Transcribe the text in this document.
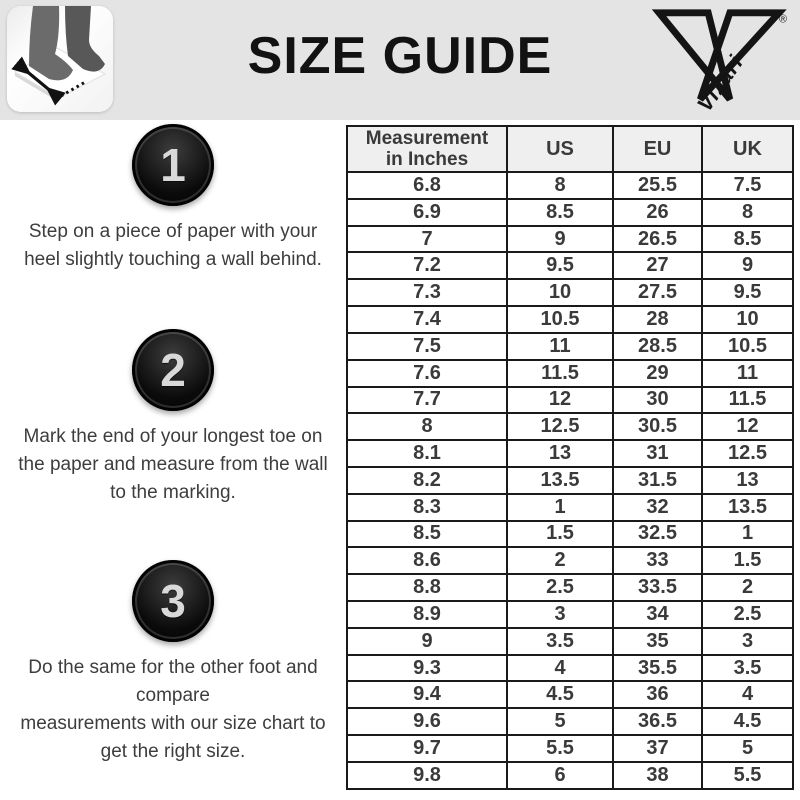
SIZE GUIDE	Vizari
®
1
Step on a piece of paper with your
heel slightly touching a wall behind.
2
Mark the end of your longest toe on
the paper and measure from the wall
to the marking.
3
Do the same for the other foot and
compare
measurements with our size chart to
get the right size.
Measurement
in Inches	US	EU	UK
6.8	8	25.5	7.5
6.9	8.5	26	8
7	9	26.5	8.5
7.2	9.5	27	9
7.3	10	27.5	9.5
7.4	10.5	28	10
7.5	11	28.5	10.5
7.6	11.5	29	11
7.7	12	30	11.5
8	12.5	30.5	12
8.1	13	31	12.5
8.2	13.5	31.5	13
8.3	1	32	13.5
8.5	1.5	32.5	1
8.6	2	33	1.5
8.8	2.5	33.5	2
8.9	3	34	2.5
9	3.5	35	3
9.3	4	35.5	3.5
9.4	4.5	36	4
9.6	5	36.5	4.5
9.7	5.5	37	5
9.8	6	38	5.5
